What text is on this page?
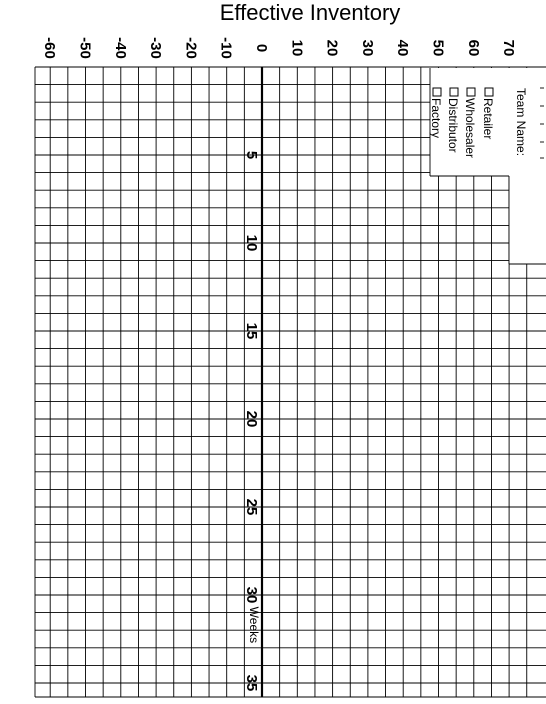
Effective Inventory
-60 -50 -40 -30 -20 -10 0 10 20 30 40 50 60 70
5
10
15
20
25
30
35
Weeks
Team Name:
Retailer
Wholesaler
Distributor
Factory
